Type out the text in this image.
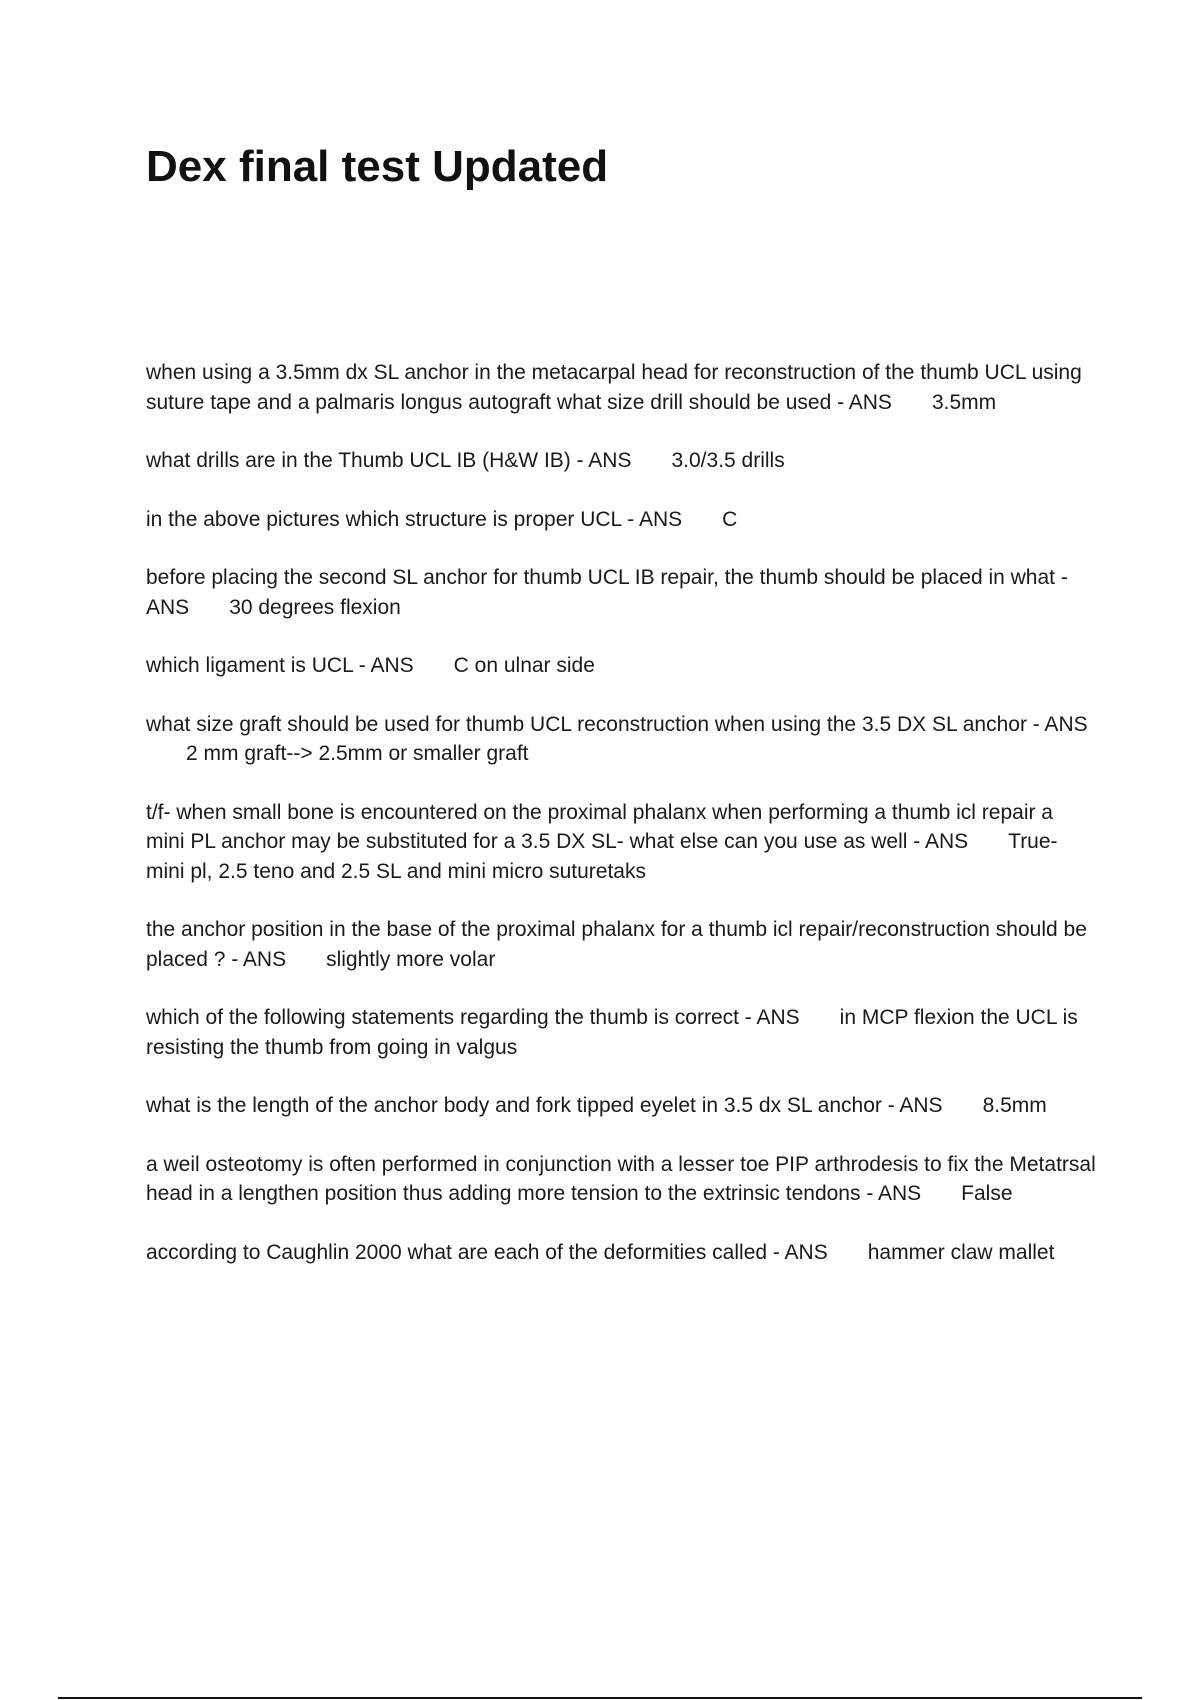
Dex final test Updated
when using a 3.5mm dx SL anchor in the metacarpal head for reconstruction of the thumb UCL using suture tape and a palmaris longus autograft what size drill should be used - ANS 3.5mm
what drills are in the Thumb UCL IB (H&W IB) - ANS 3.0/3.5 drills
in the above pictures which structure is proper UCL - ANS C
before placing the second SL anchor for thumb UCL IB repair, the thumb should be placed in what - ANS 30 degrees flexion
which ligament is UCL - ANS C on ulnar side
what size graft should be used for thumb UCL reconstruction when using the 3.5 DX SL anchor - ANS2 mm graft--> 2.5mm or smaller graft
t/f- when small bone is encountered on the proximal phalanx when performing a thumb icl repair a mini PL anchor may be substituted for a 3.5 DX SL- what else can you use as well - ANS True- mini pl, 2.5 teno and 2.5 SL and mini micro suturetaks
the anchor position in the base of the proximal phalanx for a thumb icl repair/reconstruction should be placed ? - ANS slightly more volar
which of the following statements regarding the thumb is correct - ANS in MCP flexion the UCL is resisting the thumb from going in valgus
what is the length of the anchor body and fork tipped eyelet in 3.5 dx SL anchor - ANS 8.5mm
a weil osteotomy is often performed in conjunction with a lesser toe PIP arthrodesis to fix the Metatrsal head in a lengthen position thus adding more tension to the extrinsic tendons - ANS False
according to Caughlin 2000 what are each of the deformities called - ANS hammer claw mallet
